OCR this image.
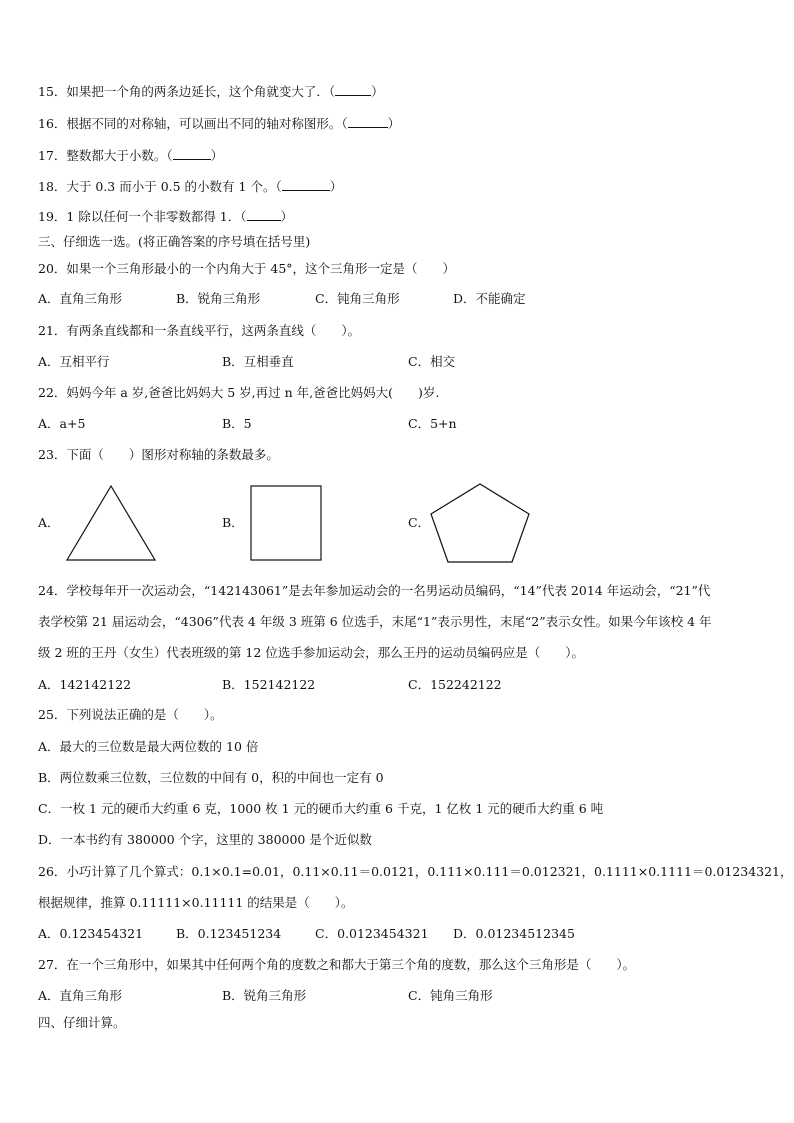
15．如果把一个角的两条边延长，这个角就变大了．（	）
16．根据不同的对称轴，可以画出不同的轴对称图形。（	）
17．整数都大于小数。（	）
18．大于 0.3 而小于 0.5 的小数有 1 个。（	）
19．1 除以任何一个非零数都得 1．（	）
三、仔细选一选。(将正确答案的序号填在括号里)
20．如果一个三角形最小的一个内角大于 45°，这个三角形一定是（　　）
A．直角三角形	B．锐角三角形	C．钝角三角形	D．不能确定
21．有两条直线都和一条直线平行，这两条直线（　　）。
A．互相平行	B．互相垂直	C．相交
22．妈妈今年 a 岁,爸爸比妈妈大 5 岁,再过 n 年,爸爸比妈妈大(　　)岁.
A．a+5	B．5	C．5+n
23．下面（　　）图形对称轴的条数最多。
A．	B．	C．
24．学校每年开一次运动会，“142143061”是去年参加运动会的一名男运动员编码，“14”代表 2014 年运动会，“21”代
表学校第 21 届运动会，“4306”代表 4 年级 3 班第 6 位选手，末尾“1”表示男性，末尾“2”表示女性。如果今年该校 4 年
级 2 班的王丹（女生）代表班级的第 12 位选手参加运动会，那么王丹的运动员编码应是（　　）。
A．142142122	B．152142122	C．152242122
25．下列说法正确的是（　　）。
A．最大的三位数是最大两位数的 10 倍
B．两位数乘三位数，三位数的中间有 0，积的中间也一定有 0
C．一枚 1 元的硬币大约重 6 克，1000 枚 1 元的硬币大约重 6 千克，1 亿枚 1 元的硬币大约重 6 吨
D．一本书约有 380000 个字，这里的 380000 是个近似数
26．小巧计算了几个算式：0.1×0.1=0.01，0.11×0.11＝0.0121，0.111×0.111＝0.012321，0.1111×0.1111＝0.01234321，
根据规律，推算 0.11111×0.11111 的结果是（　　）。
A．0.123454321	B．0.123451234	C．0.0123454321 D．0.01234512345
27．在一个三角形中，如果其中任何两个角的度数之和都大于第三个角的度数，那么这个三角形是（　　）。
A．直角三角形	B．锐角三角形	C．钝角三角形
四、仔细计算。
